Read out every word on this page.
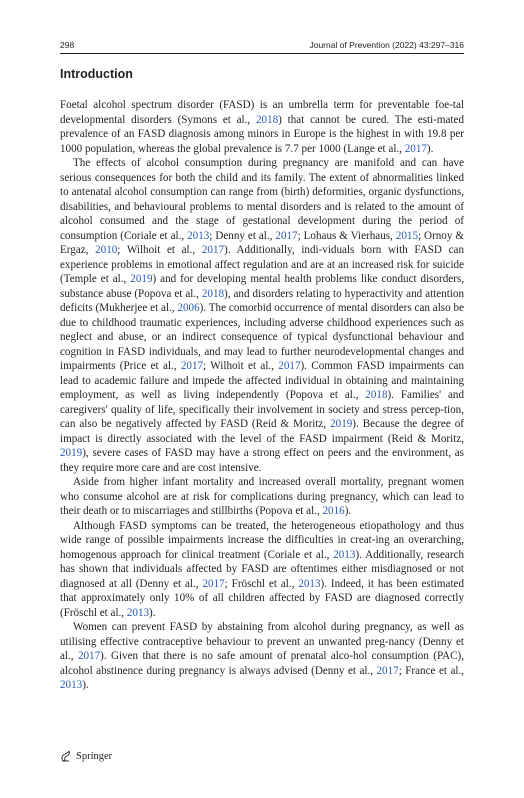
298	Journal of Prevention (2022) 43:297–316
Introduction

Foetal alcohol spectrum disorder (FASD) is an umbrella term for preventable foe-tal developmental disorders (Symons et al., 2018) that cannot be cured. The esti-mated prevalence of an FASD diagnosis among minors in Europe is the highest in with 19.8 per 1000 population, whereas the global prevalence is 7.7 per 1000 (Lange et al., 2017).

The effects of alcohol consumption during pregnancy are manifold and can have serious consequences for both the child and its family. The extent of abnormalities linked to antenatal alcohol consumption can range from (birth) deformities, organic dysfunctions, disabilities, and behavioural problems to mental disorders and is related to the amount of alcohol consumed and the stage of gestational development during the period of consumption (Coriale et al., 2013; Denny et al., 2017; Lohaus & Vierhaus, 2015; Ornoy & Ergaz, 2010; Wilhoit et al., 2017). Additionally, indi-viduals born with FASD can experience problems in emotional affect regulation and are at an increased risk for suicide (Temple et al., 2019) and for developing mental health problems like conduct disorders, substance abuse (Popova et al., 2018), and disorders relating to hyperactivity and attention deficits (Mukherjee et al., 2006). The comorbid occurrence of mental disorders can also be due to childhood traumatic experiences, including adverse childhood experiences such as neglect and abuse, or an indirect consequence of typical dysfunctional behaviour and cognition in FASD individuals, and may lead to further neurodevelopmental changes and impairments (Price et al., 2017; Wilhoit et al., 2017). Common FASD impairments can lead to academic failure and impede the affected individual in obtaining and maintaining employment, as well as living independently (Popova et al., 2018). Families' and caregivers' quality of life, specifically their involvement in society and stress percep-tion, can also be negatively affected by FASD (Reid & Moritz, 2019). Because the degree of impact is directly associated with the level of the FASD impairment (Reid & Moritz, 2019), severe cases of FASD may have a strong effect on peers and the environment, as they require more care and are cost intensive.

Aside from higher infant mortality and increased overall mortality, pregnant women who consume alcohol are at risk for complications during pregnancy, which can lead to their death or to miscarriages and stillbirths (Popova et al., 2016).

Although FASD symptoms can be treated, the heterogeneous etiopathology and thus wide range of possible impairments increase the difficulties in creat-ing an overarching, homogenous approach for clinical treatment (Coriale et al., 2013). Additionally, research has shown that individuals affected by FASD are oftentimes either misdiagnosed or not diagnosed at all (Denny et al., 2017; Fröschl et al., 2013). Indeed, it has been estimated that approximately only 10% of all children affected by FASD are diagnosed correctly (Fröschl et al., 2013).

Women can prevent FASD by abstaining from alcohol during pregnancy, as well as utilising effective contraceptive behaviour to prevent an unwanted preg-nancy (Denny et al., 2017). Given that there is no safe amount of prenatal alco-hol consumption (PAC), alcohol abstinence during pregnancy is always advised (Denny et al., 2017; France et al., 2013).

Springer
